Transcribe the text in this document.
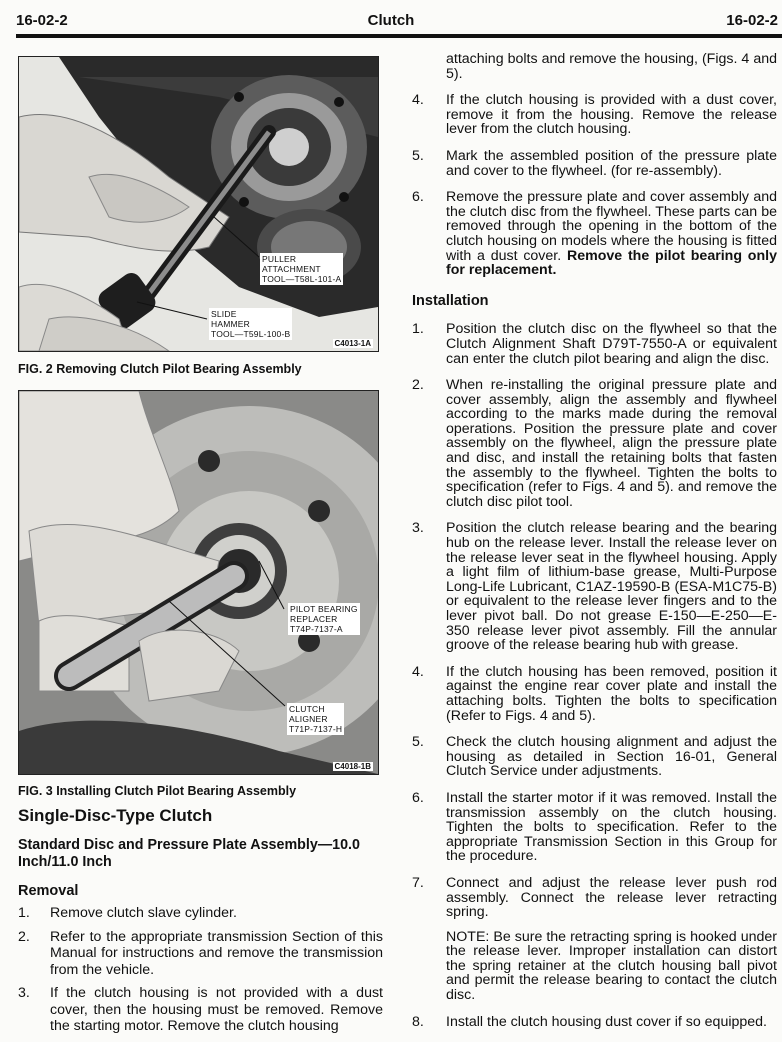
16-02-2	Clutch	16-02-2
PULLER
ATTACHMENT
TOOL—T58L-101-A
SLIDE
HAMMER
TOOL—T59L-100-B
C4013-1A
FIG. 2 Removing Clutch Pilot Bearing Assembly
PILOT BEARING
REPLACER
T74P-7137-A
CLUTCH
ALIGNER
T71P-7137-H
C4018-1B
FIG. 3 Installing Clutch Pilot Bearing Assembly
Single-Disc-Type Clutch
Standard Disc and Pressure Plate Assembly—10.0 Inch/11.0 Inch
Removal
1. Remove clutch slave cylinder.
2. Refer to the appropriate transmission Section of this Manual for instructions and remove the transmission from the vehicle.
3. If the clutch housing is not provided with a dust cover, then the housing must be removed. Remove the starting motor. Remove the clutch housing
attaching bolts and remove the housing, (Figs. 4 and 5).
4. If the clutch housing is provided with a dust cover, remove it from the housing. Remove the release lever from the clutch housing.
5. Mark the assembled position of the pressure plate and cover to the flywheel. (for re-assembly).
6. Remove the pressure plate and cover assembly and the clutch disc from the flywheel. These parts can be removed through the opening in the bottom of the clutch housing on models where the housing is fitted with a dust cover. Remove the pilot bearing only for replacement.
Installation
1. Position the clutch disc on the flywheel so that the Clutch Alignment Shaft D79T-7550-A or equivalent can enter the clutch pilot bearing and align the disc.
2. When re-installing the original pressure plate and cover assembly, align the assembly and flywheel according to the marks made during the removal operations. Position the pressure plate and cover assembly on the flywheel, align the pressure plate and disc, and install the retaining bolts that fasten the assembly to the flywheel. Tighten the bolts to specification (refer to Figs. 4 and 5). and remove the clutch disc pilot tool.
3. Position the clutch release bearing and the bearing hub on the release lever. Install the release lever on the release lever seat in the flywheel housing. Apply a light film of lithium-base grease, Multi-Purpose Long-Life Lubricant, C1AZ-19590-B (ESA-M1C75-B) or equivalent to the release lever fingers and to the lever pivot ball. Do not grease E-150—E-250—E-350 release lever pivot assembly. Fill the annular groove of the release bearing hub with grease.
4. If the clutch housing has been removed, position it against the engine rear cover plate and install the attaching bolts. Tighten the bolts to specification (Refer to Figs. 4 and 5).
5. Check the clutch housing alignment and adjust the housing as detailed in Section 16-01, General Clutch Service under adjustments.
6. Install the starter motor if it was removed. Install the transmission assembly on the clutch housing. Tighten the bolts to specification. Refer to the appropriate Transmission Section in this Group for the procedure.
7. Connect and adjust the release lever push rod assembly. Connect the release lever retracting spring.
NOTE: Be sure the retracting spring is hooked under the release lever. Improper installation can distort the spring retainer at the clutch housing ball pivot and permit the release bearing to contact the clutch disc.
8. Install the clutch housing dust cover if so equipped.
